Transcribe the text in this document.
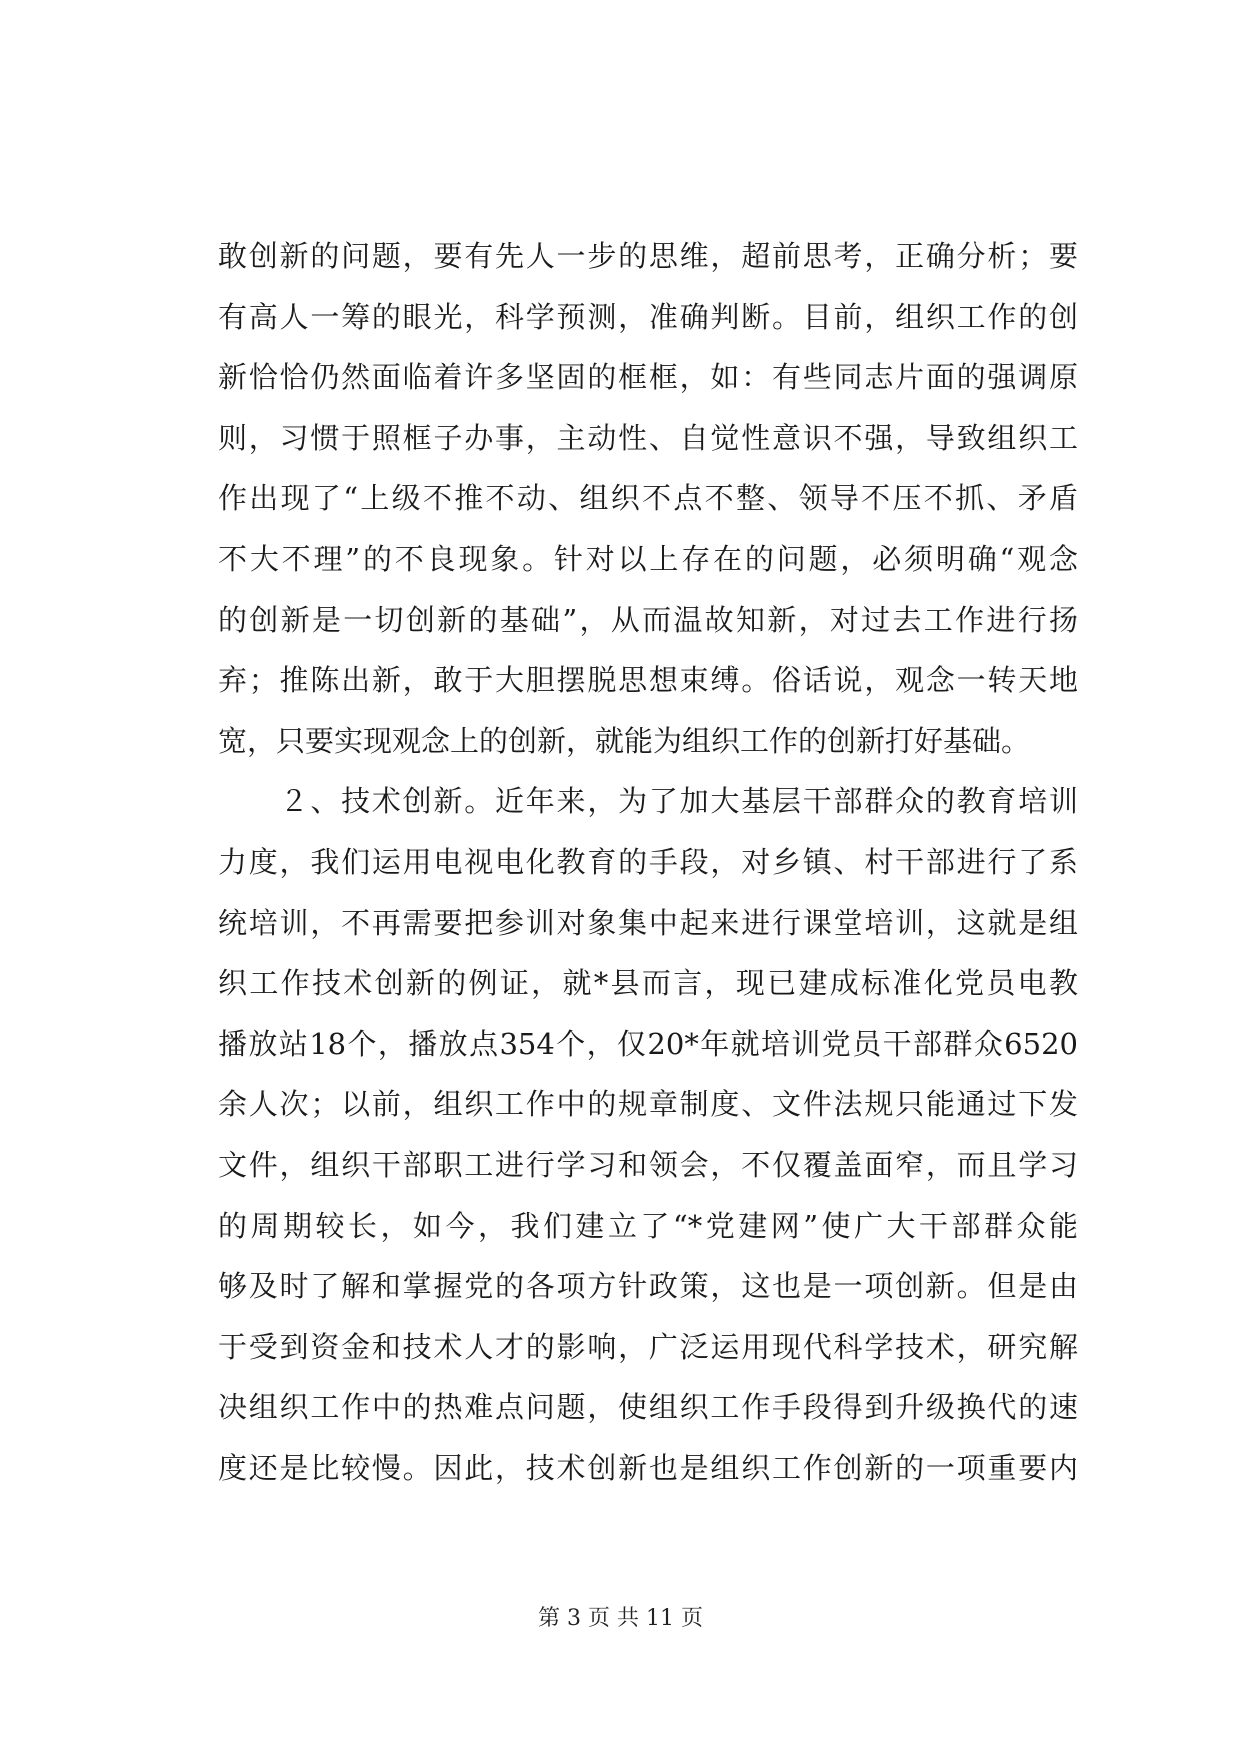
敢创新的问题，要有先人一步的思维，超前思考，正确分析；要
有高人一筹的眼光，科学预测，准确判断。目前，组织工作的创
新恰恰仍然面临着许多坚固的框框，如：有些同志片面的强调原
则，习惯于照框子办事，主动性、自觉性意识不强，导致组织工
作出现了“上级不推不动、组织不点不整、领导不压不抓、矛盾
不大不理”的不良现象。针对以上存在的问题，必须明确“观念
的创新是一切创新的基础”，从而温故知新，对过去工作进行扬
弃；推陈出新，敢于大胆摆脱思想束缚。俗话说，观念一转天地
宽，只要实现观念上的创新，就能为组织工作的创新打好基础。
　　２、技术创新。近年来，为了加大基层干部群众的教育培训
力度，我们运用电视电化教育的手段，对乡镇、村干部进行了系
统培训，不再需要把参训对象集中起来进行课堂培训，这就是组
织工作技术创新的例证，就*县而言，现已建成标准化党员电教
播放站18个，播放点354个，仅20*年就培训党员干部群众6520
余人次；以前，组织工作中的规章制度、文件法规只能通过下发
文件，组织干部职工进行学习和领会，不仅覆盖面窄，而且学习
的周期较长，如今，我们建立了“*党建网”使广大干部群众能
够及时了解和掌握党的各项方针政策，这也是一项创新。但是由
于受到资金和技术人才的影响，广泛运用现代科学技术，研究解
决组织工作中的热难点问题，使组织工作手段得到升级换代的速
度还是比较慢。因此，技术创新也是组织工作创新的一项重要内
第 3 页 共 11 页
